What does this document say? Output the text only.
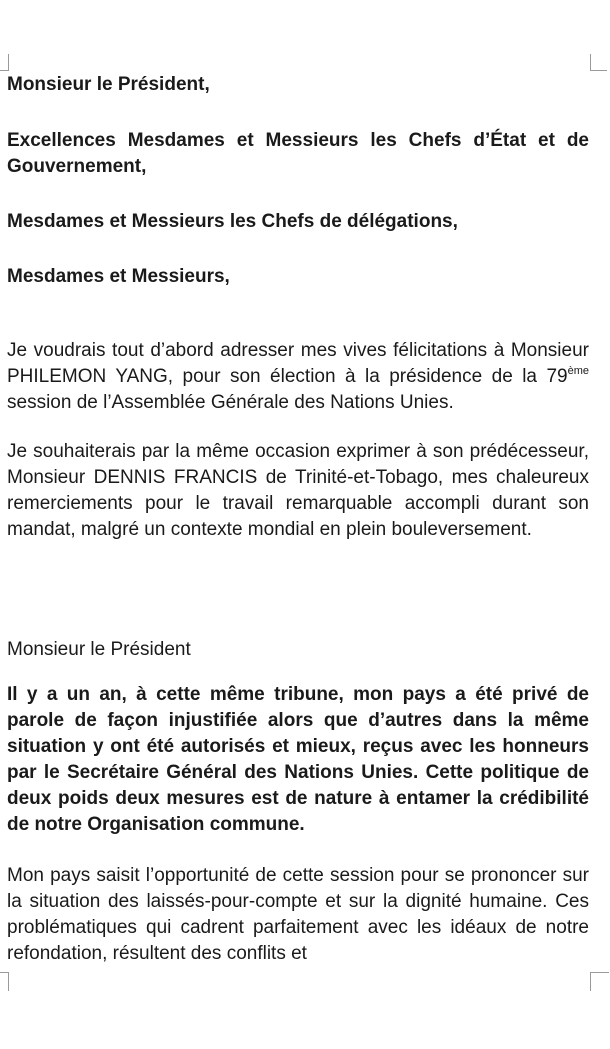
Monsieur le Président,

Excellences Mesdames et Messieurs les Chefs d’État et de Gouvernement,

Mesdames et Messieurs les Chefs de délégations,

Mesdames et Messieurs,

Je voudrais tout d’abord adresser mes vives félicitations à Monsieur PHILEMON YANG, pour son élection à la présidence de la 79ème session de l’Assemblée Générale des Nations Unies.

Je souhaiterais par la même occasion exprimer à son prédécesseur, Monsieur DENNIS FRANCIS de Trinité-et-Tobago, mes chaleureux remerciements pour le travail remarquable accompli durant son mandat, malgré un contexte mondial en plein bouleversement.

Monsieur le Président

Il y a un an, à cette même tribune, mon pays a été privé de parole de façon injustifiée alors que d’autres dans la même situation y ont été autorisés et mieux, reçus avec les honneurs par le Secrétaire Général des Nations Unies. Cette politique de deux poids deux mesures est de nature à entamer la crédibilité de notre Organisation commune.

Mon pays saisit l’opportunité de cette session pour se prononcer sur la situation des laissés-pour-compte et sur la dignité humaine. Ces problématiques qui cadrent parfaitement avec les idéaux de notre refondation, résultent des conflits et
